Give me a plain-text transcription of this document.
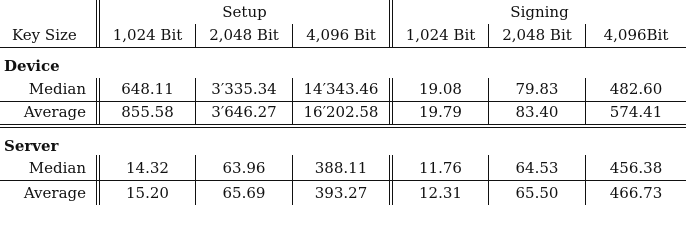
Setup	Signing
Key Size	1,024 Bit	2,048 Bit	4,096 Bit	1,024 Bit	2,048 Bit	4,096Bit
Device
Median	648.11	3′335.34	14′343.46	19.08	79.83	482.60
Average	855.58	3′646.27	16′202.58	19.79	83.40	574.41
Server
Median	14.32	63.96	388.11	11.76	64.53	456.38
Average	15.20	65.69	393.27	12.31	65.50	466.73
